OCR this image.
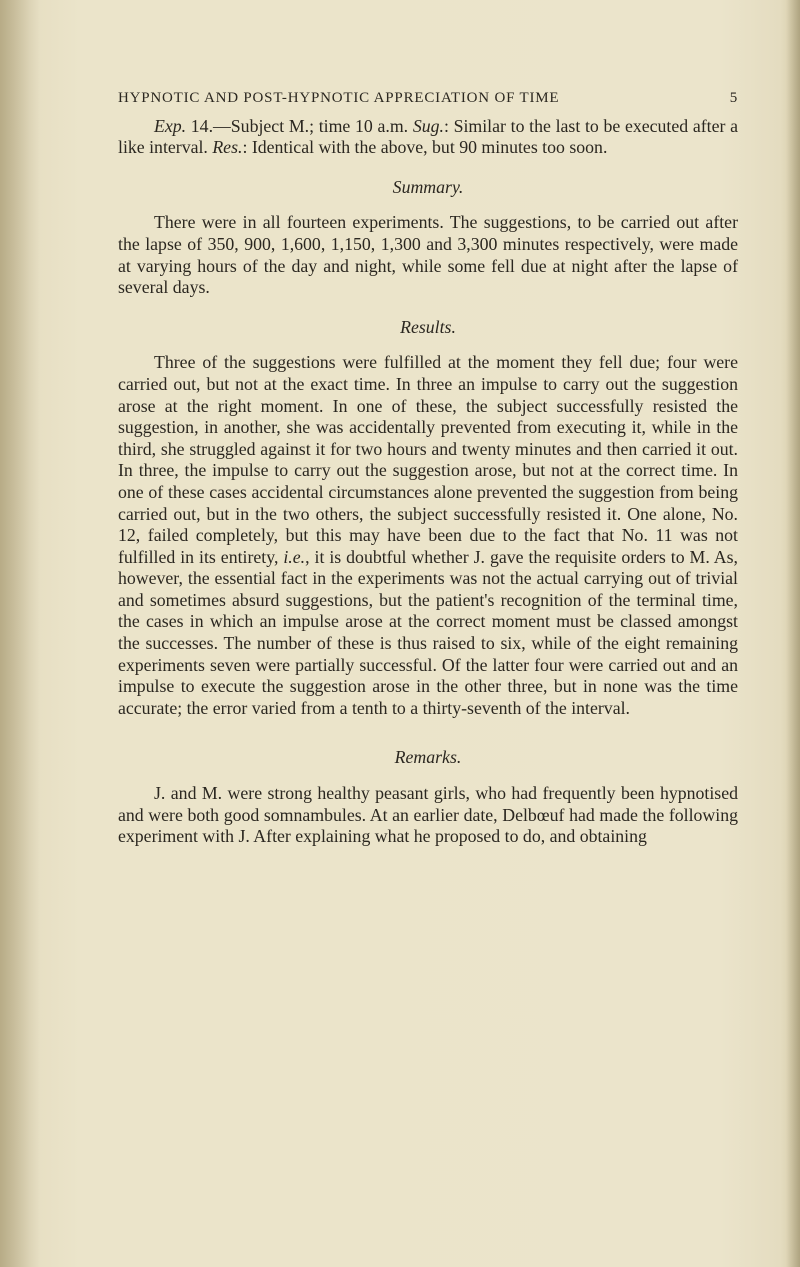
HYPNOTIC AND POST-HYPNOTIC APPRECIATION OF TIME	5

Exp. 14.—Subject M.; time 10 a.m. Sug.: Similar to the last to be executed after a like interval. Res.: Identical with the above, but 90 minutes too soon.

Summary.

There were in all fourteen experiments. The suggestions, to be carried out after the lapse of 350, 900, 1,600, 1,150, 1,300 and 3,300 minutes respectively, were made at varying hours of the day and night, while some fell due at night after the lapse of several days.

Results.

Three of the suggestions were fulfilled at the moment they fell due; four were carried out, but not at the exact time. In three an impulse to carry out the suggestion arose at the right moment. In one of these, the subject successfully resisted the suggestion, in another, she was accidentally prevented from executing it, while in the third, she struggled against it for two hours and twenty minutes and then carried it out. In three, the impulse to carry out the suggestion arose, but not at the correct time. In one of these cases accidental circumstances alone prevented the suggestion from being carried out, but in the two others, the subject successfully resisted it. One alone, No. 12, failed completely, but this may have been due to the fact that No. 11 was not fulfilled in its entirety, i.e., it is doubtful whether J. gave the requisite orders to M. As, however, the essential fact in the experiments was not the actual carrying out of trivial and sometimes absurd suggestions, but the patient's recognition of the terminal time, the cases in which an impulse arose at the correct moment must be classed amongst the successes. The number of these is thus raised to six, while of the eight remaining experiments seven were partially successful. Of the latter four were carried out and an impulse to execute the suggestion arose in the other three, but in none was the time accurate; the error varied from a tenth to a thirty-seventh of the interval.

Remarks.

J. and M. were strong healthy peasant girls, who had frequently been hypnotised and were both good somnambules. At an earlier date, Delbœuf had made the following experiment with J. After explaining what he proposed to do, and obtaining
